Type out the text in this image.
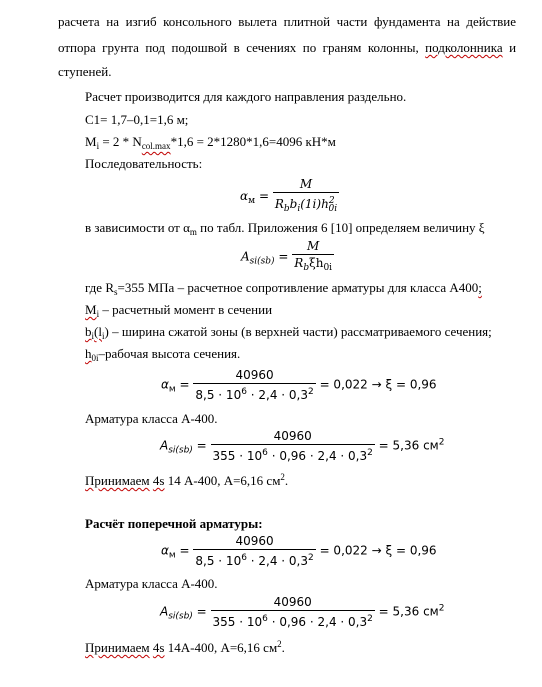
расчета на изгиб консольного вылета плитной части фундамента на действие
отпора грунта под подошвой в сечениях по граням колонны, подколонника и
ступеней.
Расчет производится для каждого направления раздельно.
C1= 1,7–0,1=1,6 м;
$M_i = 2 * N_{col.max}*1,6 = 2*1280*1,6=4096$ кН*м
Последовательность:
$\alpha_м = \frac{M}{R_bb_i(1i)h^2_{0i}}$
в зависимости от $\alpha_m$ по табл. Приложения 6 [10] определяем величину ξ
$A_{si(sb)} = \frac{M}{R_b\xi h_{0i}}$
где $R_s=355$ МПа – расчетное сопротивление арматуры для класса А400;
$M_i$ – расчетный момент в сечении
$b_i(l_i)$ – ширина сжатой зоны (в верхней части) рассматриваемого сечения;
$h_{0i}$–рабочая высота сечения.
$\alpha_м = \frac{40960}{8,5 \cdot 10^6 \cdot 2,4 \cdot 0,3^2} = 0,022 \to \xi = 0,96$
Арматура класса А-400.
$A_{si(sb)} = \frac{40960}{355 \cdot 10^6 \cdot 0,96 \cdot 2,4 \cdot 0,3^2} = 5,36$ $см^2$
Принимаем 4s 14 А-400, А=6,16 $см^2$.
Расчёт поперечной арматуры:
$\alpha_м = \frac{40960}{8,5 \cdot 10^6 \cdot 2,4 \cdot 0,3^2} = 0,022 \to \xi = 0,96$
Арматура класса А-400.
$A_{si(sb)} = \frac{40960}{355 \cdot 10^6 \cdot 0,96 \cdot 2,4 \cdot 0,3^2} = 5,36$ $см^2$
Принимаем 4s 14А-400, А=6,16 $см^2$.
